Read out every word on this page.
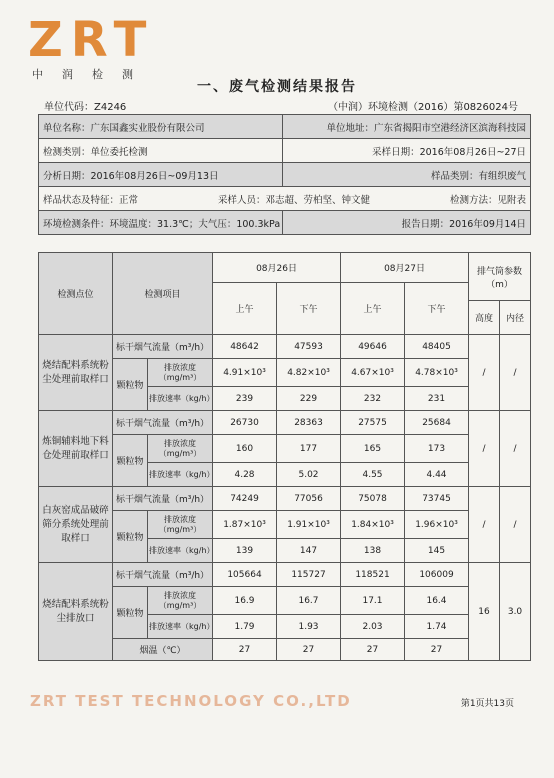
ZRT
中润检测
一、废气检测结果报告
单位代码：Z4246	（中润）环境检测（2016）第0826024号
单位名称：广东国鑫实业股份有限公司	单位地址：广东省揭阳市空港经济区滨海科技园
检测类别：单位委托检测	采样日期：2016年08月26日~27日
分析日期：2016年08月26日~09月13日	样品类别：有组织废气

样品状态及特征：正常 采样人员：邓志超、劳柏坚、钟文健 检测方法：见附表	

环境检测条件：环境温度：31.3℃；大气压：100.3kPa	报告日期：2016年09月14日
检测点位	检测项目		08月26日		08月27日		排气筒参数（m）	
			上午	下午	上午	下午		
							高度	内径
烧结配料系统粉尘处理前取样口	标干烟气流量（m³/h）		48642	47593	49646	48405	/	/
	颗粒物	排放浓度（mg/m³）	4.91×10³	4.82×10³	4.67×10³	4.78×10³		
		排放速率（kg/h）	239	229	232	231		
炼铜辅料地下料仓处理前取样口	标干烟气流量（m³/h）		26730	28363	27575	25684	/	/
	颗粒物	排放浓度（mg/m³）	160	177	165	173		
		排放速率（kg/h）	4.28	5.02	4.55	4.44		
白灰窑成品破碎筛分系统处理前取样口	标干烟气流量（m³/h）		74249	77056	75078	73745	/	/
	颗粒物	排放浓度（mg/m³）	1.87×10³	1.91×10³	1.84×10³	1.96×10³		
		排放速率（kg/h）	139	147	138	145		
烧结配料系统粉尘排放口	标干烟气流量（m³/h）		105664	115727	118521	106009	16	3.0
	颗粒物	排放浓度（mg/m³）	16.9	16.7	17.1	16.4		
		排放速率（kg/h）	1.79	1.93	2.03	1.74		
	烟温（℃）		27	27	27	27		
ZRT TEST TECHNOLOGY CO.,LTD	第1页共13页
